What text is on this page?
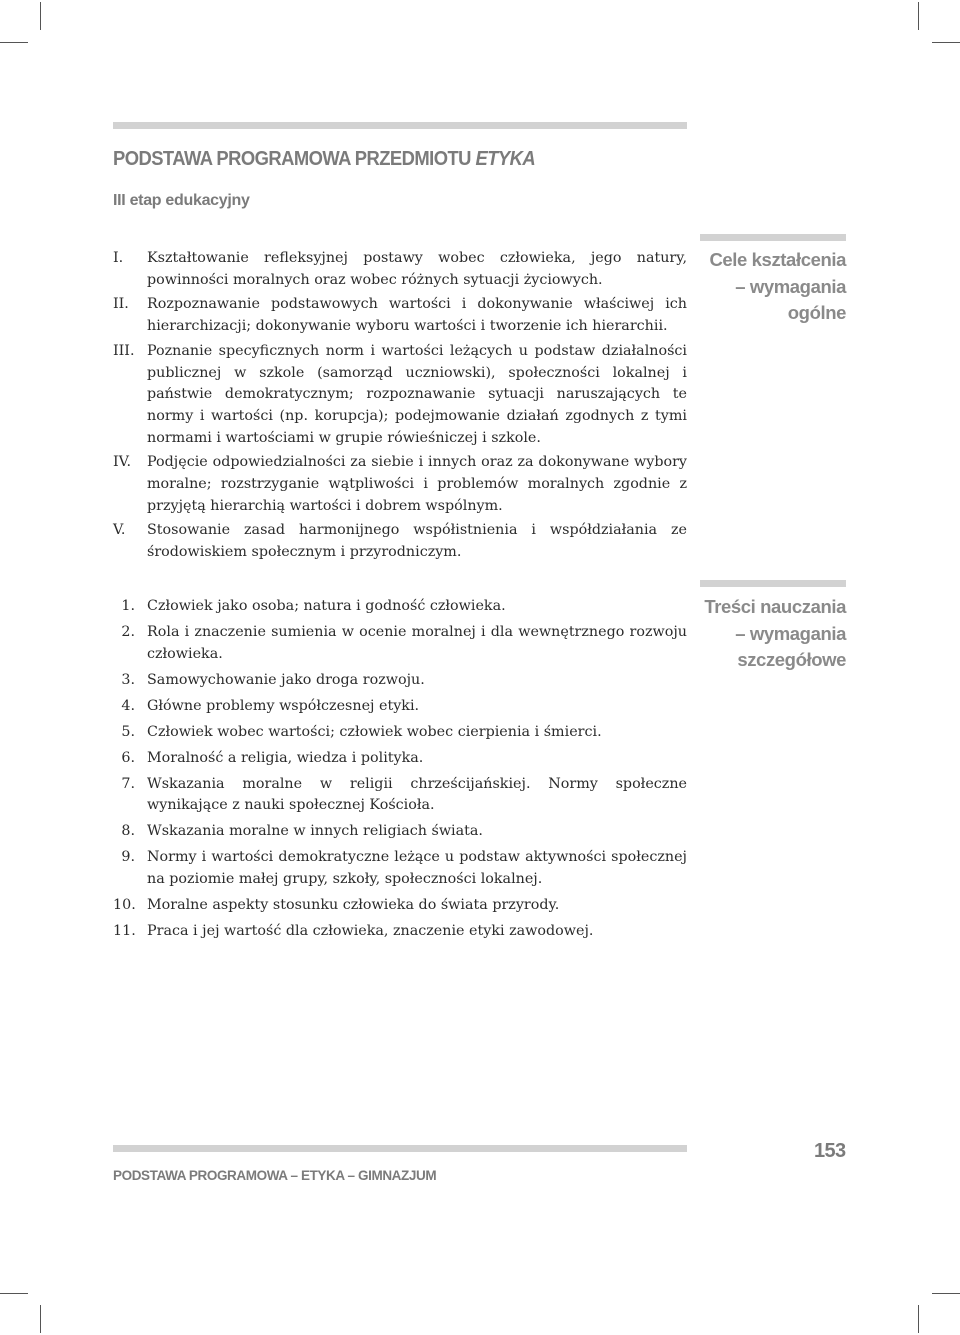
PODSTAWA PROGRAMOWA PRZEDMIOTU ETYKA
III etap edukacyjny
Cele kształcenia
– wymagania
ogólne
I. Kształtowanie refleksyjnej postawy wobec człowieka, jego natury, powinności moralnych oraz wobec różnych sytuacji życiowych.
II. Rozpoznawanie podstawowych wartości i dokonywanie właściwej ich hierarchizacji; dokonywanie wyboru wartości i tworzenie ich hierarchii.
III. Poznanie specyficznych norm i wartości leżących u podstaw działalności publicznej w szkole (samorząd uczniowski), społeczności lokalnej i państwie demokratycznym; rozpoznawanie sytuacji naruszających te normy i wartości (np. korupcja); podejmowanie działań zgodnych z tymi normami i wartościami w grupie rówieśniczej i szkole.
IV. Podjęcie odpowiedzialności za siebie i innych oraz za dokonywane wybory moralne; rozstrzyganie wątpliwości i problemów moralnych zgodnie z przyjętą hierarchią wartości i dobrem wspólnym.
V. Stosowanie zasad harmonijnego współistnienia i współdziałania ze środowiskiem społecznym i przyrodniczym.
Treści nauczania
– wymagania
szczegółowe
1. Człowiek jako osoba; natura i godność człowieka.
2. Rola i znaczenie sumienia w ocenie moralnej i dla wewnętrznego rozwoju człowieka.
3. Samowychowanie jako droga rozwoju.
4. Główne problemy współczesnej etyki.
5. Człowiek wobec wartości; człowiek wobec cierpienia i śmierci.
6. Moralność a religia, wiedza i polityka.
7. Wskazania moralne w religii chrześcijańskiej. Normy społeczne wynikające z nauki społecznej Kościoła.
8. Wskazania moralne w innych religiach świata.
9. Normy i wartości demokratyczne leżące u podstaw aktywności społecznej na poziomie małej grupy, szkoły, społeczności lokalnej.
10. Moralne aspekty stosunku człowieka do świata przyrody.
11. Praca i jej wartość dla człowieka, znaczenie etyki zawodowej.
153
PODSTAWA PROGRAMOWA – ETYKA – GIMNAZJUM
